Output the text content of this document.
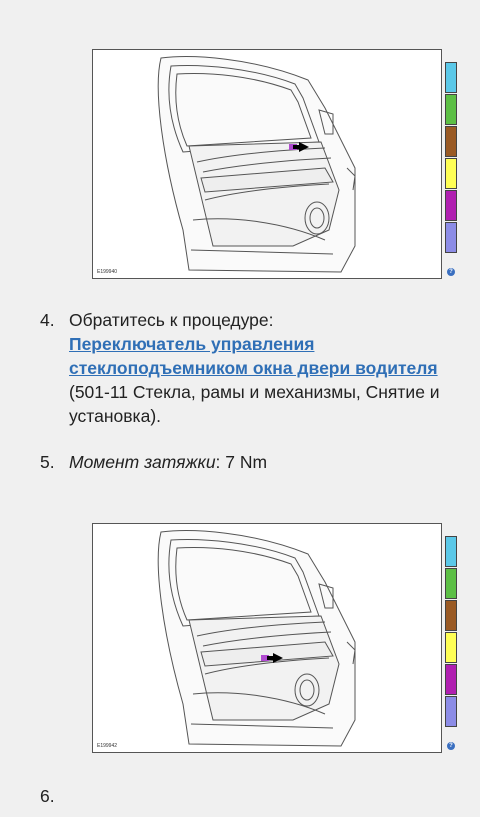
E199940	?
4. Обратитесь к процедуре:
Переключатель управления стеклоподъемником окна двери водителя (501-11 Стекла, рамы и механизмы, Снятие и установка).
5. Момент затяжки: 7 Nm
E199942	?
6.
